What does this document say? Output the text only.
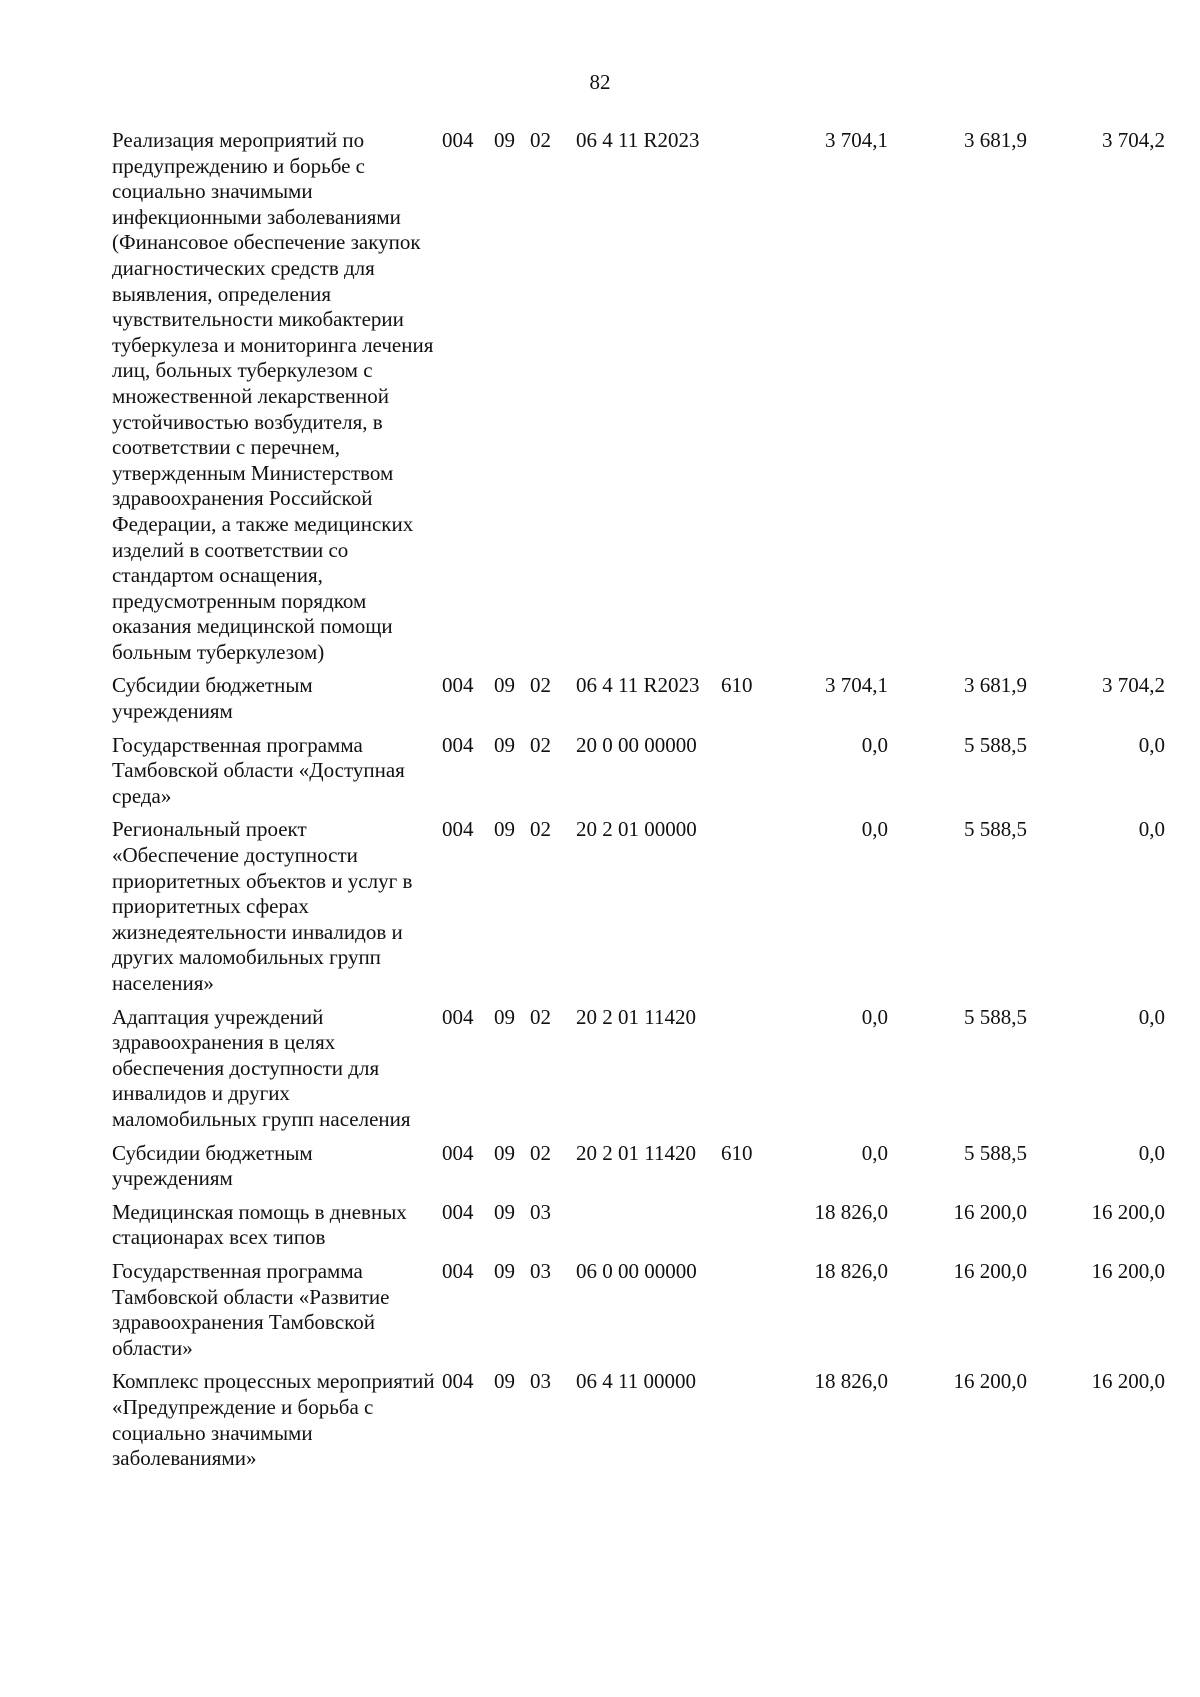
82
Реализация мероприятий по предупреждению и борьбе с социально значимыми инфекционными заболеваниями (Финансовое обеспечение закупок диагностических средств для выявления, определения чувствительности микобактерии туберкулеза и мониторинга лечения лиц, больных туберкулезом с множественной лекарственной устойчивостью возбудителя, в соответствии с перечнем, утвержденным Министерством здравоохранения Российской Федерации, а также медицинских изделий в соответствии со стандартом оснащения, предусмотренным порядком оказания медицинской помощи больным туберкулезом)	004	09	02	06 4 11 R2023		3 704,1	3 681,9	3 704,2
Субсидии бюджетным учреждениям	004	09	02	06 4 11 R2023	610	3 704,1	3 681,9	3 704,2
Государственная программа Тамбовской области «Доступная среда»	004	09	02	20 0 00 00000		0,0	5 588,5	0,0
Региональный проект «Обеспечение доступности приоритетных объектов и услуг в приоритетных сферах жизнедеятельности инвалидов и других маломобильных групп населения»	004	09	02	20 2 01 00000		0,0	5 588,5	0,0
Адаптация учреждений здравоохранения в целях обеспечения доступности для инвалидов и других маломобильных групп населения	004	09	02	20 2 01 11420		0,0	5 588,5	0,0
Субсидии бюджетным учреждениям	004	09	02	20 2 01 11420	610	0,0	5 588,5	0,0
Медицинская помощь в дневных стационарах всех типов	004	09	03			18 826,0	16 200,0	16 200,0
Государственная программа Тамбовской области «Развитие здравоохранения Тамбовской области»	004	09	03	06 0 00 00000		18 826,0	16 200,0	16 200,0
Комплекс процессных мероприятий «Предупреждение и борьба с социально значимыми заболеваниями»	004	09	03	06 4 11 00000		18 826,0	16 200,0	16 200,0
